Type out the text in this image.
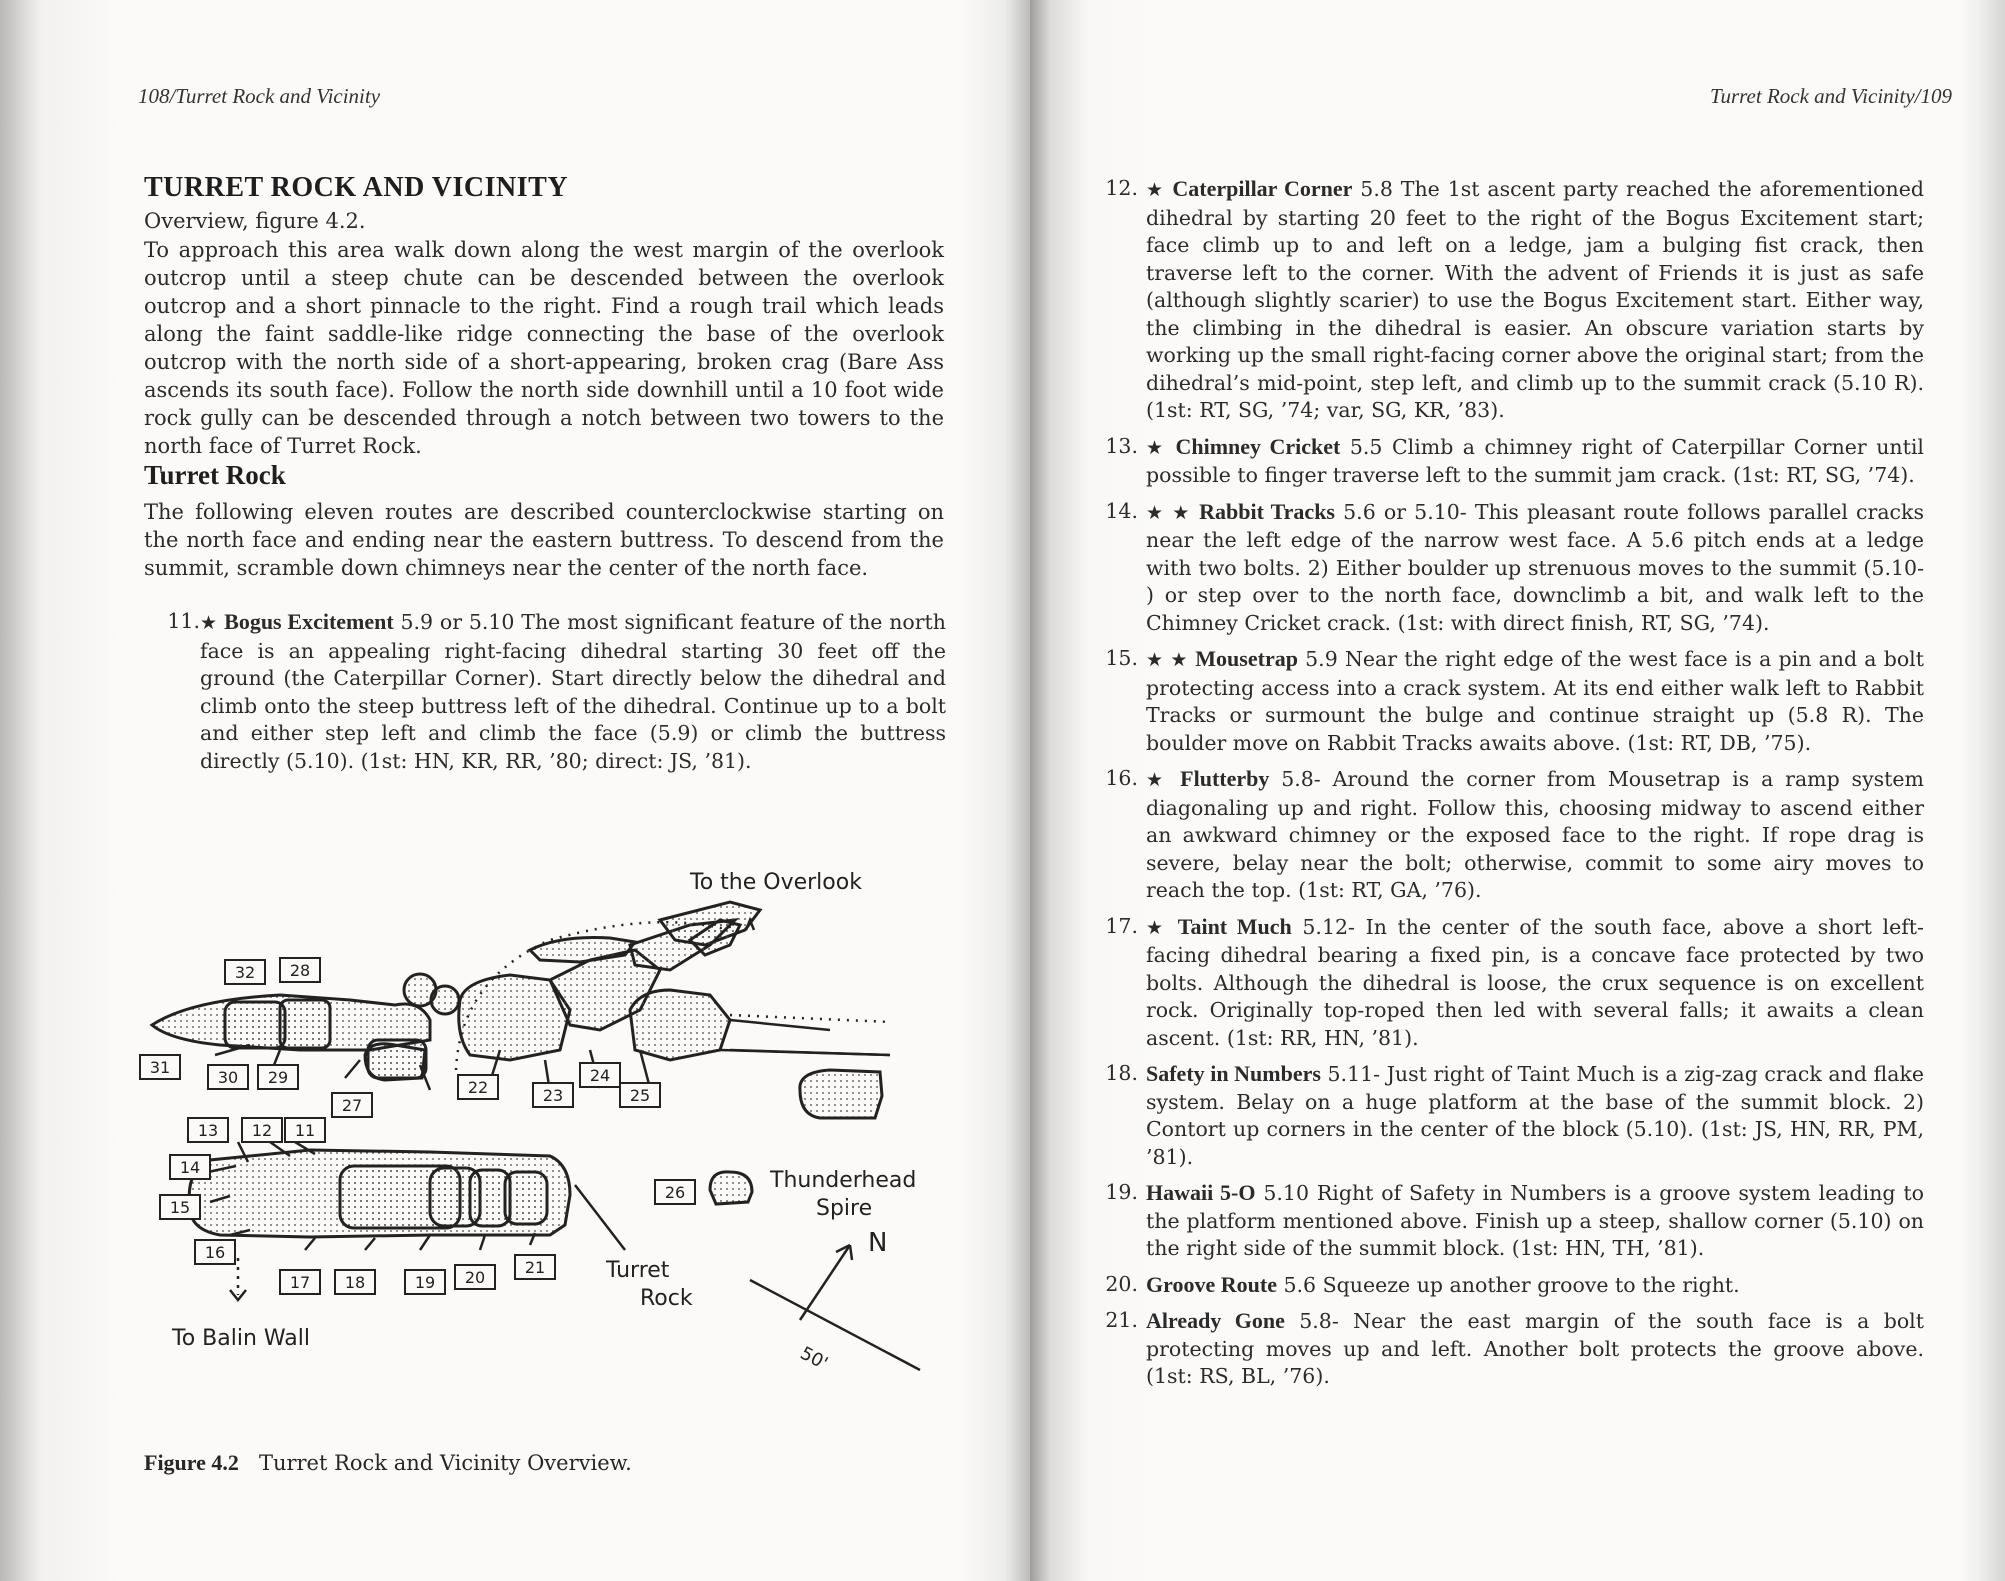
108/Turret Rock and Vicinity
TURRET ROCK AND VICINITY
Overview, figure 4.2.
To approach this area walk down along the west margin of the overlook outcrop until a steep chute can be descended between the overlook outcrop and a short pinnacle to the right. Find a rough trail which leads along the faint saddle-like ridge connecting the base of the overlook outcrop with the north side of a short-appearing, broken crag (Bare Ass ascends its south face). Follow the north side downhill until a 10 foot wide rock gully can be descended through a notch between two towers to the north face of Turret Rock.
Turret Rock
The following eleven routes are described counterclockwise starting on the north face and ending near the eastern buttress. To descend from the summit, scramble down chimneys near the center of the north face.
11. ★ Bogus Excitement 5.9 or 5.10 The most significant feature of the north face is an appealing right-facing dihedral starting 30 feet off the ground (the Caterpillar Corner). Start directly below the dihedral and climb onto the steep buttress left of the dihedral. Continue up to a bolt and either step left and climb the face (5.9) or climb the buttress directly (5.10). (1st: HN, KR, RR, ’80; direct: JS, ’81).
32 28
31
30 29
27
22	23
24
25
13 12 11
14
15
16
17 18	19 20
21
26
To the Overlook
Thunderhead
Spire
Turret
Rock
To Balin Wall
50'
N
Figure 4.2 Turret Rock and Vicinity Overview.
Turret Rock and Vicinity/109
12. ★ Caterpillar Corner 5.8 The 1st ascent party reached the aforementioned dihedral by starting 20 feet to the right of the Bogus Excitement start; face climb up to and left on a ledge, jam a bulging fist crack, then traverse left to the corner. With the advent of Friends it is just as safe (although slightly scarier) to use the Bogus Excitement start. Either way, the climbing in the dihedral is easier. An obscure variation starts by working up the small right-facing corner above the original start; from the dihedral’s mid-point, step left, and climb up to the summit crack (5.10 R). (1st: RT, SG, ’74; var, SG, KR, ’83).
13. ★ Chimney Cricket 5.5 Climb a chimney right of Caterpillar Corner until possible to finger traverse left to the summit jam crack. (1st: RT, SG, ’74).
14. ★ ★ Rabbit Tracks 5.6 or 5.10- This pleasant route follows parallel cracks near the left edge of the narrow west face. A 5.6 pitch ends at a ledge with two bolts. 2) Either boulder up strenuous moves to the summit (5.10- ) or step over to the north face, downclimb a bit, and walk left to the Chimney Cricket crack. (1st: with direct finish, RT, SG, ’74).
15. ★ ★ Mousetrap 5.9 Near the right edge of the west face is a pin and a bolt protecting access into a crack system. At its end either walk left to Rabbit Tracks or surmount the bulge and continue straight up (5.8 R). The boulder move on Rabbit Tracks awaits above. (1st: RT, DB, ’75).
16. ★ Flutterby 5.8- Around the corner from Mousetrap is a ramp system diagonaling up and right. Follow this, choosing midway to ascend either an awkward chimney or the exposed face to the right. If rope drag is severe, belay near the bolt; otherwise, commit to some airy moves to reach the top. (1st: RT, GA, ’76).
17. ★ Taint Much 5.12- In the center of the south face, above a short left-facing dihedral bearing a fixed pin, is a concave face protected by two bolts. Although the dihedral is loose, the crux sequence is on excellent rock. Originally top-roped then led with several falls; it awaits a clean ascent. (1st: RR, HN, ’81).
18. Safety in Numbers 5.11- Just right of Taint Much is a zig-zag crack and flake system. Belay on a huge platform at the base of the summit block. 2) Contort up corners in the center of the block (5.10). (1st: JS, HN, RR, PM, ’81).
19. Hawaii 5-O 5.10 Right of Safety in Numbers is a groove system leading to the platform mentioned above. Finish up a steep, shallow corner (5.10) on the right side of the summit block. (1st: HN, TH, ’81).
20. Groove Route 5.6 Squeeze up another groove to the right.
21. Already Gone 5.8- Near the east margin of the south face is a bolt protecting moves up and left. Another bolt protects the groove above. (1st: RS, BL, ’76).
